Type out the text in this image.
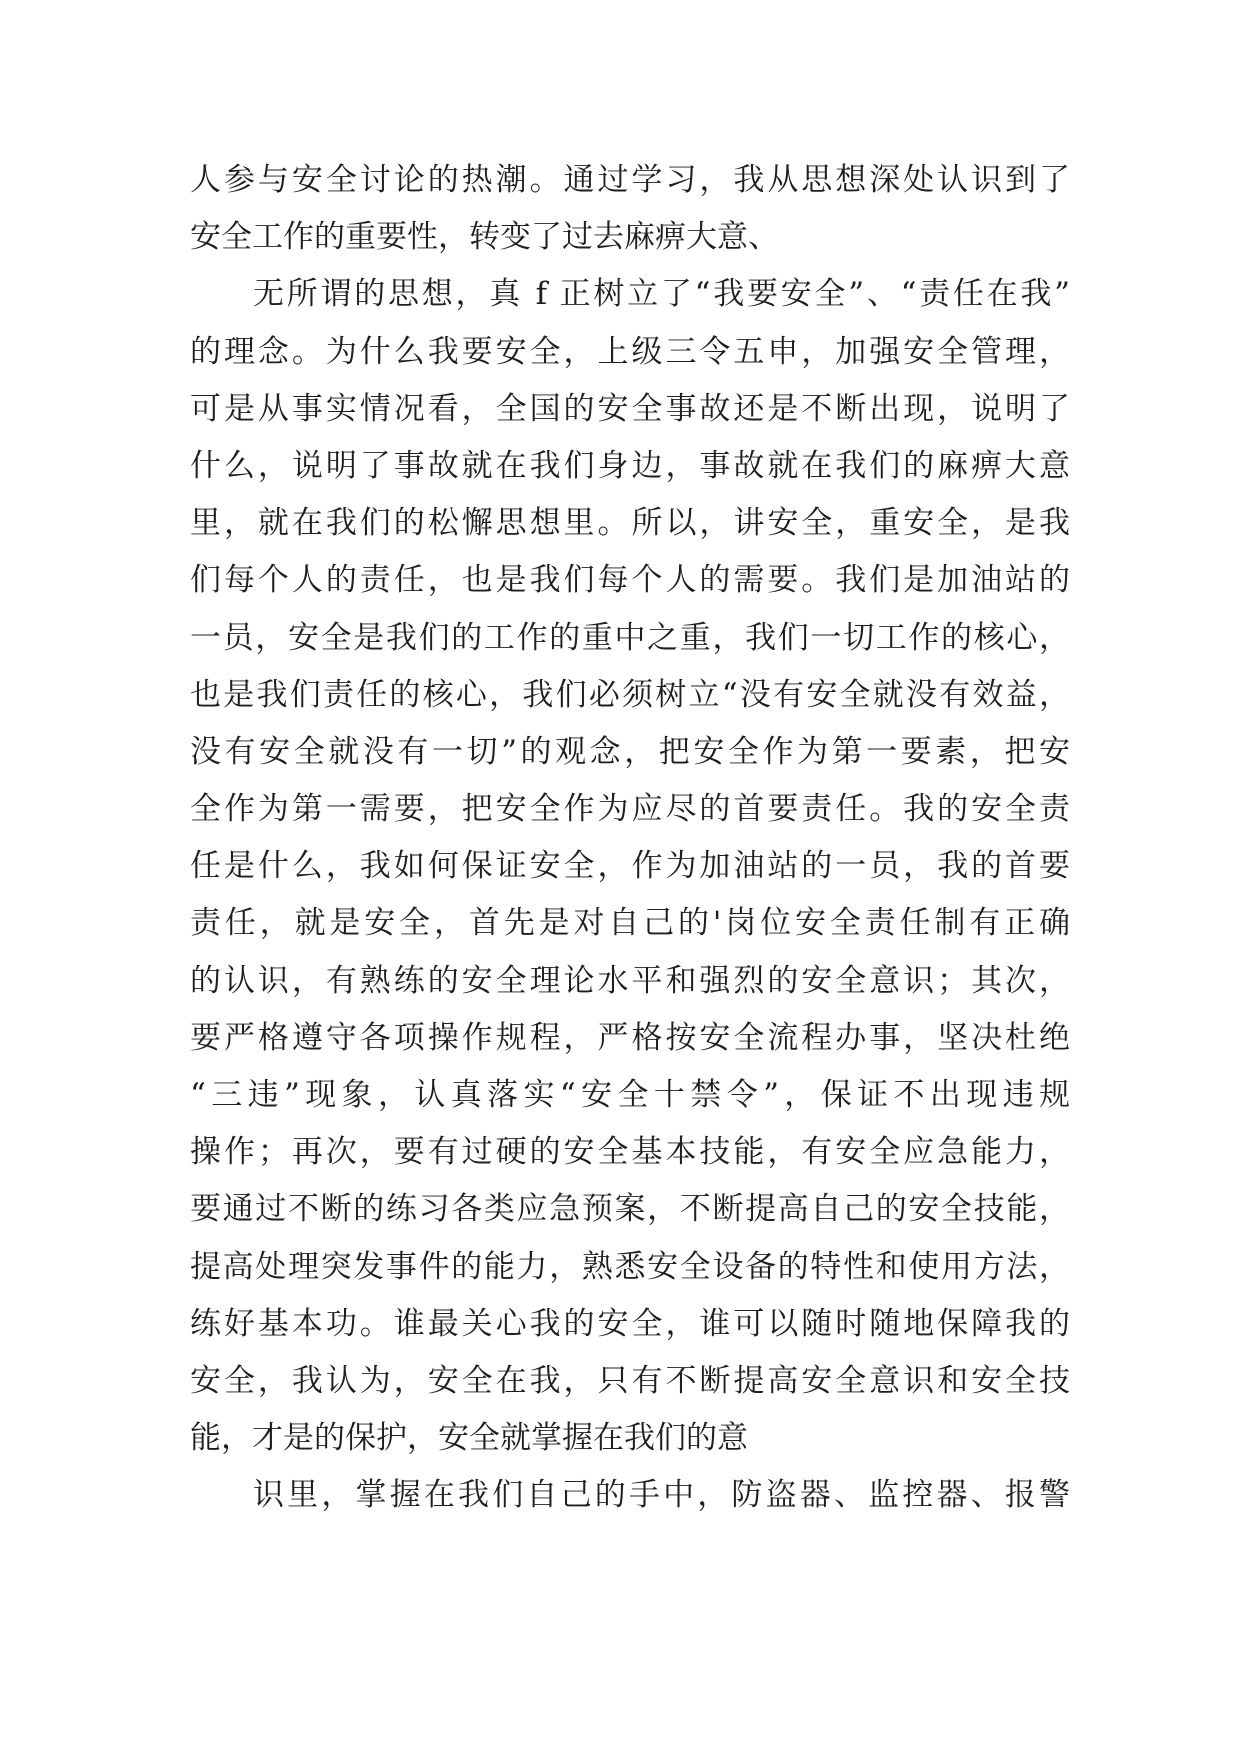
人参与安全讨论的热潮。通过学习，我从思想深处认识到了
安全工作的重要性，转变了过去麻痹大意、
无所谓的思想，真 f 正树立了“我要安全”、“责任在我”
的理念。为什么我要安全，上级三令五申，加强安全管理，
可是从事实情况看，全国的安全事故还是不断出现，说明了
什么，说明了事故就在我们身边，事故就在我们的麻痹大意
里，就在我们的松懈思想里。所以，讲安全，重安全，是我
们每个人的责任，也是我们每个人的需要。我们是加油站的
一员，安全是我们的工作的重中之重，我们一切工作的核心，
也是我们责任的核心，我们必须树立“没有安全就没有效益，
没有安全就没有一切”的观念，把安全作为第一要素，把安
全作为第一需要，把安全作为应尽的首要责任。我的安全责
任是什么，我如何保证安全，作为加油站的一员，我的首要
责任，就是安全，首先是对自己的'岗位安全责任制有正确
的认识，有熟练的安全理论水平和强烈的安全意识；其次，
要严格遵守各项操作规程，严格按安全流程办事，坚决杜绝
“三违”现象，认真落实“安全十禁令”，保证不出现违规
操作；再次，要有过硬的安全基本技能，有安全应急能力，
要通过不断的练习各类应急预案，不断提高自己的安全技能，
提高处理突发事件的能力，熟悉安全设备的特性和使用方法，
练好基本功。谁最关心我的安全，谁可以随时随地保障我的
安全，我认为，安全在我，只有不断提高安全意识和安全技
能，才是的保护，安全就掌握在我们的意
识里，掌握在我们自己的手中，防盗器、监控器、报警
